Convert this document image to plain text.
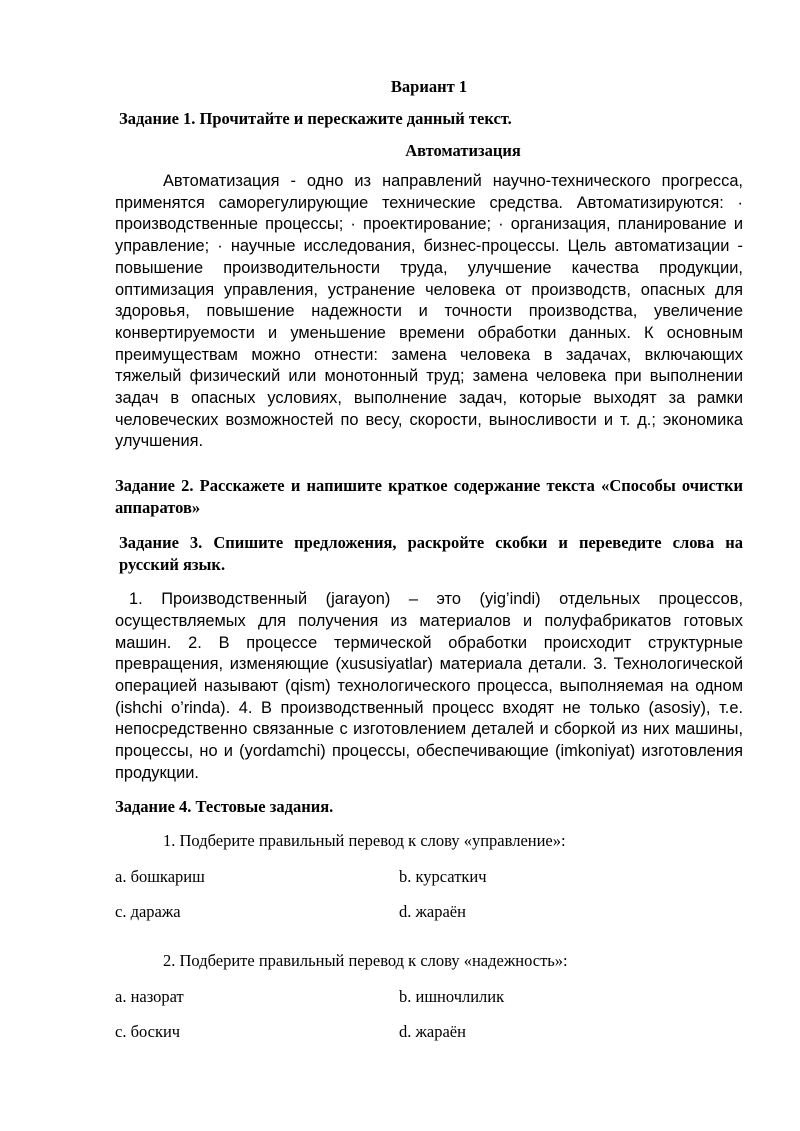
Вариант 1
Задание 1. Прочитайте и перескажите данный текст.
Автоматизация

Автоматизация - одно из направлений научно-технического прогресса, применятся саморегулирующие технические средства. Автоматизируются: · производственные процессы; · проектирование; · организация, планирование и управление; · научные исследования, бизнес-процессы. Цель автоматизации - повышение производительности труда, улучшение качества продукции, оптимизация управления, устранение человека от производств, опасных для здоровья, повышение надежности и точности производства, увеличение конвертируемости и уменьшение времени обработки данных. К основным преимуществам можно отнести: замена человека в задачах, включающих тяжелый физический или монотонный труд; замена человека при выполнении задач в опасных условиях, выполнение задач, которые выходят за рамки человеческих возможностей по весу, скорости, выносливости и т. д.; экономика улучшения.

Задание 2. Расскажете и напишите краткое содержание текста «Способы очистки аппаратов»

Задание 3. Спишите предложения, раскройте скобки и переведите слова на русский язык.

1. Производственный (jarayon) – это (yig’indi) отдельных процессов, осуществляемых для получения из материалов и полуфабрикатов готовых машин. 2. В процессе термической обработки происходит структурные превращения, изменяющие (xususiyatlar) материала детали. 3. Технологической операцией называют (qism) технологического процесса, выполняемая на одном (ishchi o’rinda). 4. В производственный процесс входят не только (asosiy), т.е. непосредственно связанные с изготовлением деталей и сборкой из них машины, процессы, но и (yordamchi) процессы, обеспечивающие (imkoniyat) изготовления продукции.

Задание 4. Тестовые задания.

1. Подберите правильный перевод к слову «управление»:

a. бошкариш	b. курсаткич
c. даража	d. жараён

2. Подберите правильный перевод к слову «надежность»:

a. назорат	b. ишночлилик
c. боскич	d. жараён
